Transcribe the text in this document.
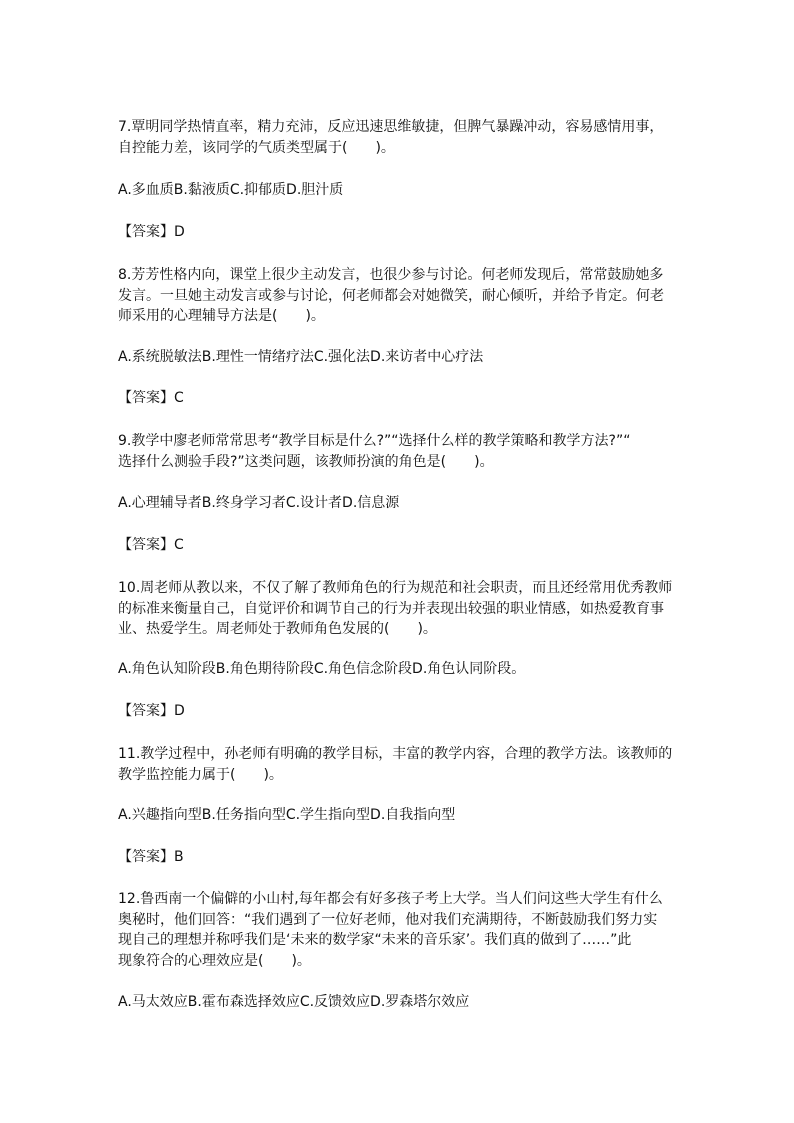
7.覃明同学热情直率，精力充沛，反应迅速思维敏捷，但脾气暴躁冲动，容易感情用事，
自控能力差，该同学的气质类型属于(　　)。
A.多血质B.黏液质C.抑郁质D.胆汁质
【答案】D
8.芳芳性格内向，课堂上很少主动发言，也很少参与讨论。何老师发现后，常常鼓励她多
发言。一旦她主动发言或参与讨论，何老师都会对她微笑，耐心倾听，并给予肯定。何老
师采用的心理辅导方法是(　　)。
A.系统脱敏法B.理性一情绪疗法C.强化法D.来访者中心疗法
【答案】C
9.教学中廖老师常常思考“教学目标是什么?”“选择什么样的教学策略和教学方法?”“
选择什么测验手段?”这类问题，该教师扮演的角色是(　　)。
A.心理辅导者B.终身学习者C.设计者D.信息源
【答案】C
10.周老师从教以来，不仅了解了教师角色的行为规范和社会职责，而且还经常用优秀教师
的标准来衡量自己，自觉评价和调节自己的行为并表现出较强的职业情感，如热爱教育事
业、热爱学生。周老师处于教师角色发展的(　　)。
A.角色认知阶段B.角色期待阶段C.角色信念阶段D.角色认同阶段。
【答案】D
11.教学过程中，孙老师有明确的教学目标，丰富的教学内容，合理的教学方法。该教师的
教学监控能力属于(　　)。
A.兴趣指向型B.任务指向型C.学生指向型D.自我指向型
【答案】B
12.鲁西南一个偏僻的小山村,每年都会有好多孩子考上大学。当人们问这些大学生有什么
奥秘时，他们回答：“我们遇到了一位好老师，他对我们充满期待，不断鼓励我们努力实
现自己的理想并称呼我们是‘未来的数学家“未来的音乐家’。我们真的做到了……”此
现象符合的心理效应是(　　)。
A.马太效应B.霍布森选择效应C.反馈效应D.罗森塔尔效应
